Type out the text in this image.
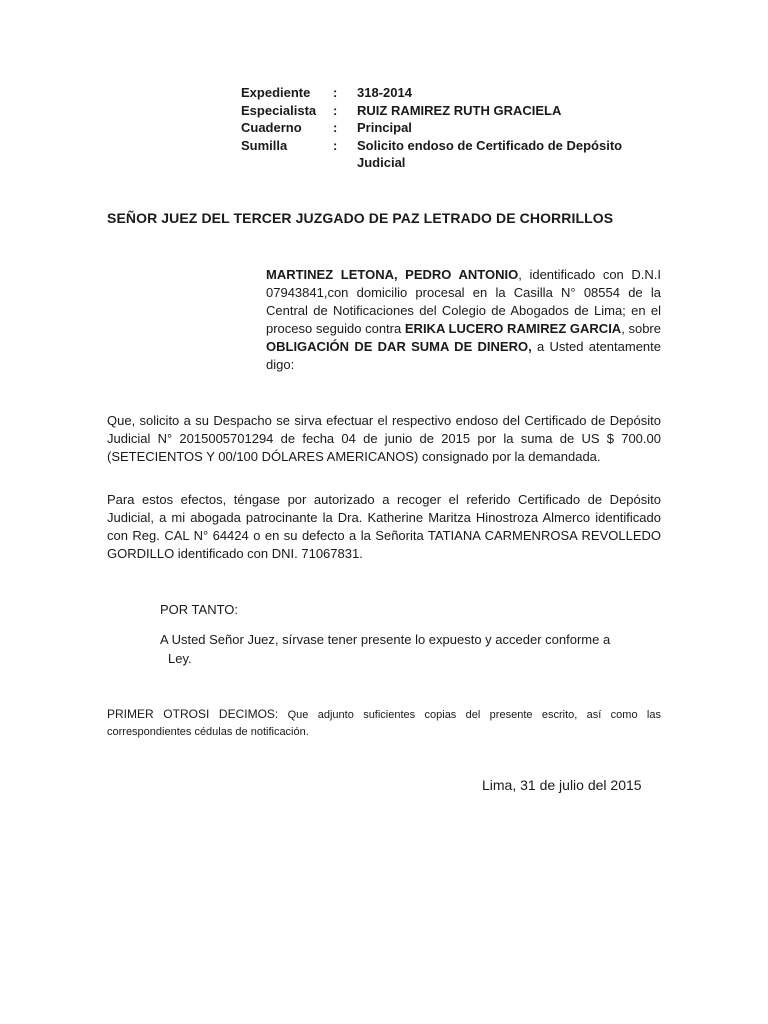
Expediente	:	318-2014
Especialista	:	RUIZ RAMIREZ RUTH GRACIELA
Cuaderno	:	Principal
Sumilla	:	Solicito endoso de Certificado de Depósito Judicial
SEÑOR JUEZ DEL TERCER JUZGADO DE PAZ LETRADO DE CHORRILLOS
MARTINEZ LETONA, PEDRO ANTONIO, identificado con D.N.I 07943841,con domicilio procesal en la Casilla N° 08554 de la Central de Notificaciones del Colegio de Abogados de Lima; en el proceso seguido contra ERIKA LUCERO RAMIREZ GARCIA, sobre OBLIGACIÓN DE DAR SUMA DE DINERO, a Usted atentamente digo:
Que, solicito a su Despacho se sirva efectuar el respectivo endoso del Certificado de Depósito Judicial N° 2015005701294 de fecha 04 de junio de 2015 por la suma de US $ 700.00 (SETECIENTOS Y 00/100 DÓLARES AMERICANOS) consignado por la demandada.
Para estos efectos, téngase por autorizado a recoger el referido Certificado de Depósito Judicial, a mi abogada patrocinante la Dra. Katherine Maritza Hinostroza Almerco identificado con Reg. CAL N° 64424 o en su defecto a la Señorita TATIANA CARMENROSA REVOLLEDO GORDILLO identificado con DNI. 71067831.
POR TANTO:
A Usted Señor Juez, sírvase tener presente lo expuesto y acceder conforme a
Ley.
PRIMER OTROSI DECIMOS: Que adjunto suficientes copias del presente escrito, así como las correspondientes cédulas de notificación.
Lima, 31 de julio del 2015
